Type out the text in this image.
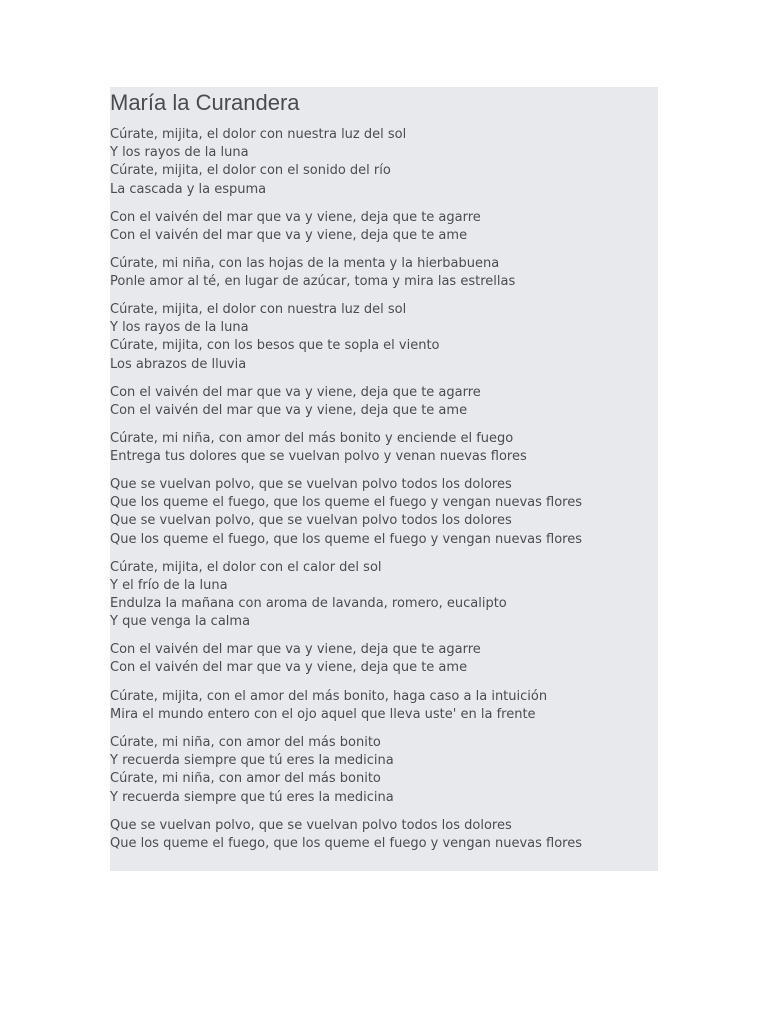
María la Curandera

Cúrate, mijita, el dolor con nuestra luz del sol
Y los rayos de la luna
Cúrate, mijita, el dolor con el sonido del río
La cascada y la espuma

Con el vaivén del mar que va y viene, deja que te agarre
Con el vaivén del mar que va y viene, deja que te ame

Cúrate, mi niña, con las hojas de la menta y la hierbabuena
Ponle amor al té, en lugar de azúcar, toma y mira las estrellas

Cúrate, mijita, el dolor con nuestra luz del sol
Y los rayos de la luna
Cúrate, mijita, con los besos que te sopla el viento
Los abrazos de lluvia

Con el vaivén del mar que va y viene, deja que te agarre
Con el vaivén del mar que va y viene, deja que te ame

Cúrate, mi niña, con amor del más bonito y enciende el fuego
Entrega tus dolores que se vuelvan polvo y venan nuevas flores

Que se vuelvan polvo, que se vuelvan polvo todos los dolores
Que los queme el fuego, que los queme el fuego y vengan nuevas flores
Que se vuelvan polvo, que se vuelvan polvo todos los dolores
Que los queme el fuego, que los queme el fuego y vengan nuevas flores

Cúrate, mijita, el dolor con el calor del sol
Y el frío de la luna
Endulza la mañana con aroma de lavanda, romero, eucalipto
Y que venga la calma

Con el vaivén del mar que va y viene, deja que te agarre
Con el vaivén del mar que va y viene, deja que te ame

Cúrate, mijita, con el amor del más bonito, haga caso a la intuición
Mira el mundo entero con el ojo aquel que lleva uste' en la frente

Cúrate, mi niña, con amor del más bonito
Y recuerda siempre que tú eres la medicina
Cúrate, mi niña, con amor del más bonito
Y recuerda siempre que tú eres la medicina

Que se vuelvan polvo, que se vuelvan polvo todos los dolores
Que los queme el fuego, que los queme el fuego y vengan nuevas flores
